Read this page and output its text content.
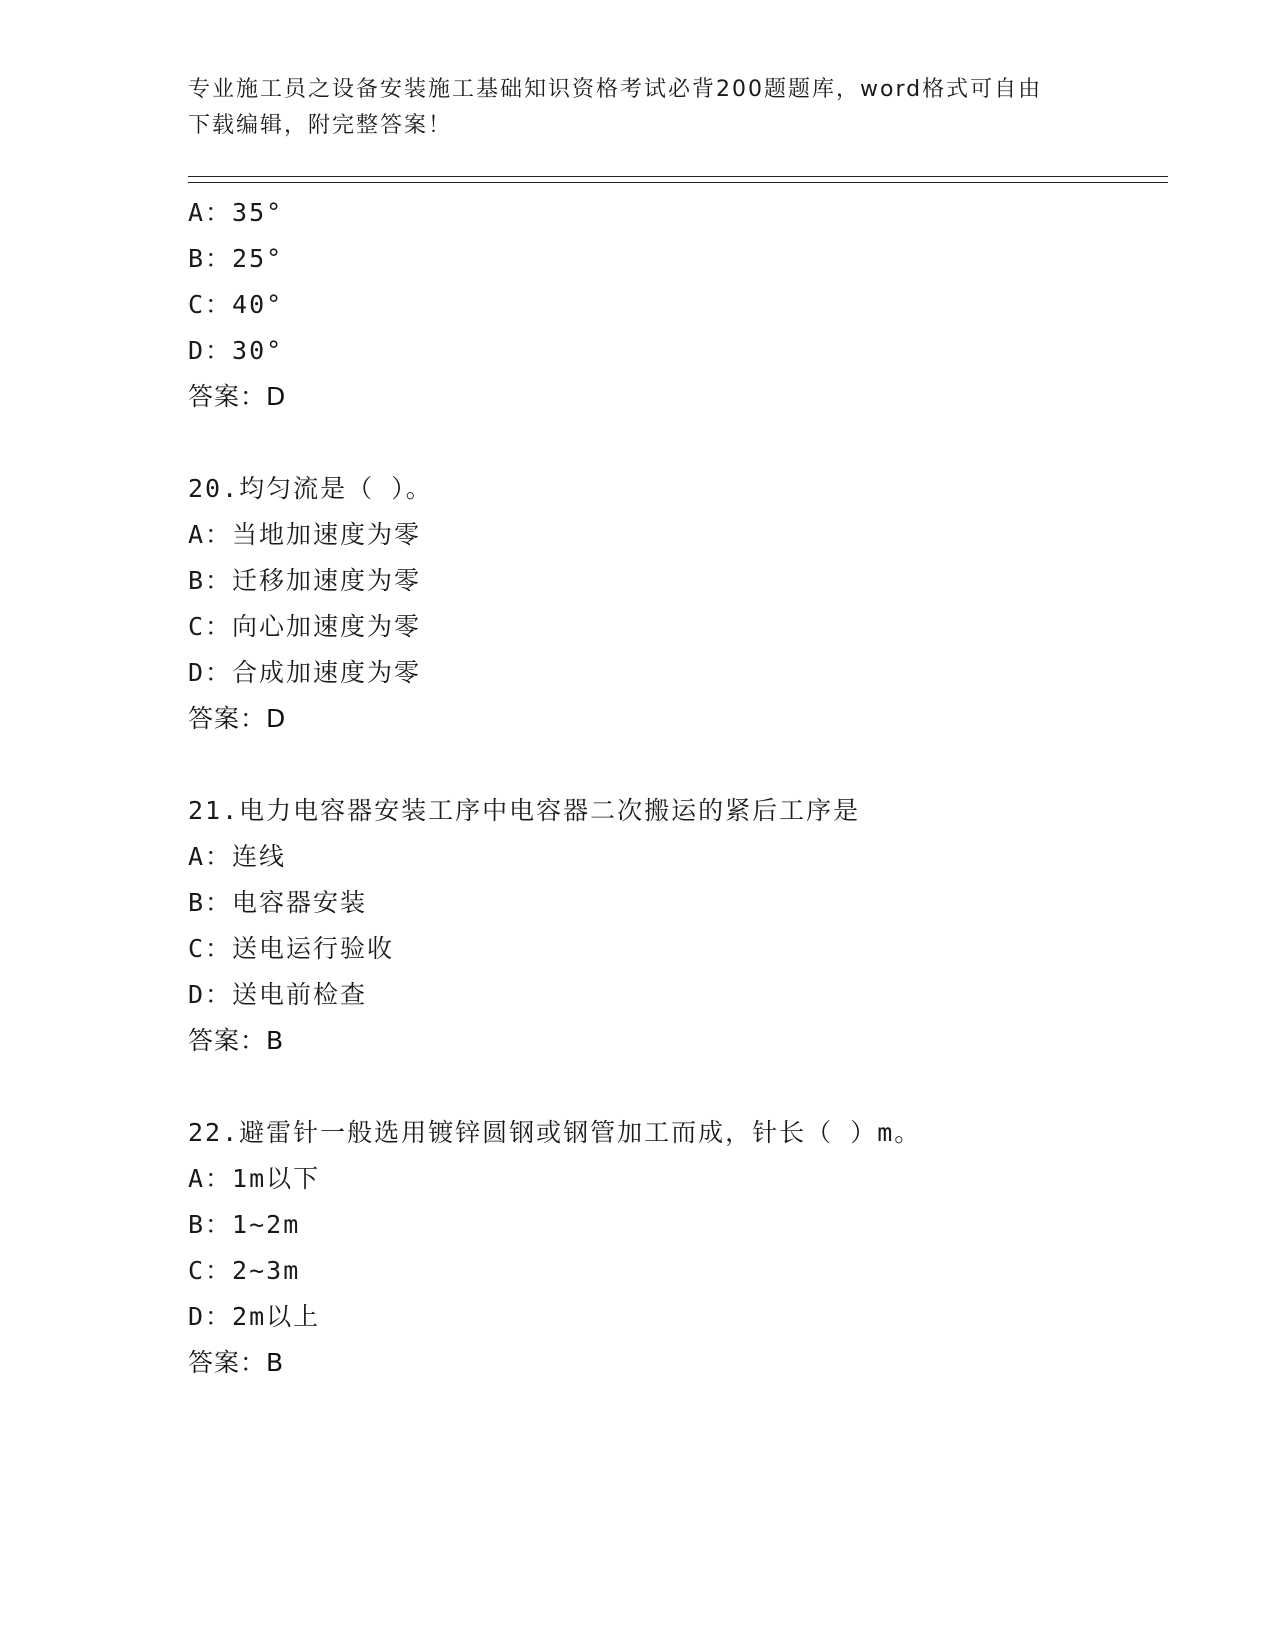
专业施工员之设备安装施工基础知识资格考试必背200题题库，word格式可自由
下载编辑，附完整答案！
A：35°
B：25°
C：40°
D：30°
答案：D
20.均匀流是（ ）。
A：当地加速度为零
B：迁移加速度为零
C：向心加速度为零
D：合成加速度为零
答案：D
21.电力电容器安装工序中电容器二次搬运的紧后工序是
A：连线
B：电容器安装
C：送电运行验收
D：送电前检查
答案：B
22.避雷针一般选用镀锌圆钢或钢管加工而成，针长（ ）m。
A：1m以下
B：1~2m
C：2~3m
D：2m以上
答案：B
